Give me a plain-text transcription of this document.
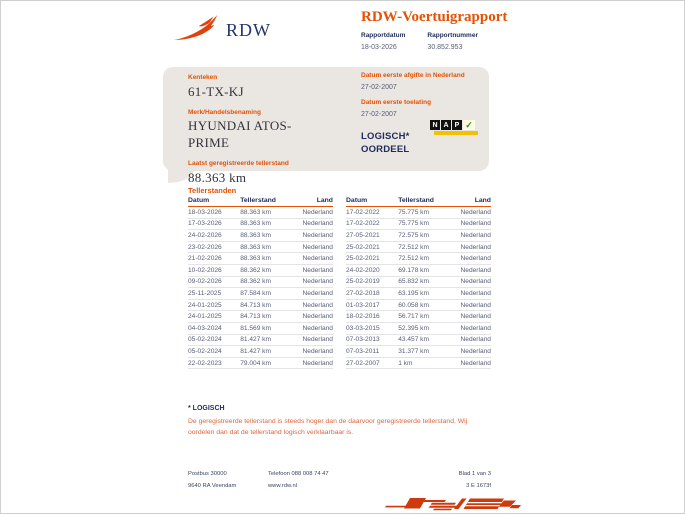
RDW
RDW-Voertuigrapport
Rapportdatum
18-03-2026
Rapportnummer
30.852.953
Kenteken
61-TX-KJ
Merk/Handelsbenaming
HYUNDAI ATOS-PRIME
Laatst geregistreerde tellerstand
88.363 km
Datum eerste afgifte in Nederland
27-02-2007
Datum eerste toelating
27-02-2007
LOGISCH* OORDEEL
N A P ✓
Tellerstanden
Datum	Tellerstand	Land
18-03-2026	88.363 km	Nederland
17-03-2026	88.363 km	Nederland
24-02-2026	88.363 km	Nederland
23-02-2026	88.363 km	Nederland
21-02-2026	88.363 km	Nederland
10-02-2026	88.362 km	Nederland
09-02-2026	88.362 km	Nederland
25-11-2025	87.584 km	Nederland
24-01-2025	84.713 km	Nederland
24-01-2025	84.713 km	Nederland
04-03-2024	81.569 km	Nederland
05-02-2024	81.427 km	Nederland
05-02-2024	81.427 km	Nederland
22-02-2023	79.004 km	Nederland
Datum	Tellerstand	Land
17-02-2022	75.775 km	Nederland
17-02-2022	75.775 km	Nederland
27-05-2021	72.575 km	Nederland
25-02-2021	72.512 km	Nederland
25-02-2021	72.512 km	Nederland
24-02-2020	69.178 km	Nederland
25-02-2019	65.832 km	Nederland
27-02-2018	63.195 km	Nederland
01-03-2017	60.058 km	Nederland
18-02-2016	56.717 km	Nederland
03-03-2015	52.395 km	Nederland
07-03-2013	43.457 km	Nederland
07-03-2011	31.377 km	Nederland
27-02-2007	1 km	Nederland
* LOGISCH
De geregistreerde tellerstand is steeds hoger dan de daarvoor geregistreerde tellerstand. Wij oordelen dan dat de tellerstand logisch verklaarbaar is.
Postbus 30000
9640 RA Veendam
Telefoon 088 008 74 47
www.rdw.nl
Blad 1 van 3
3 E 1673f
